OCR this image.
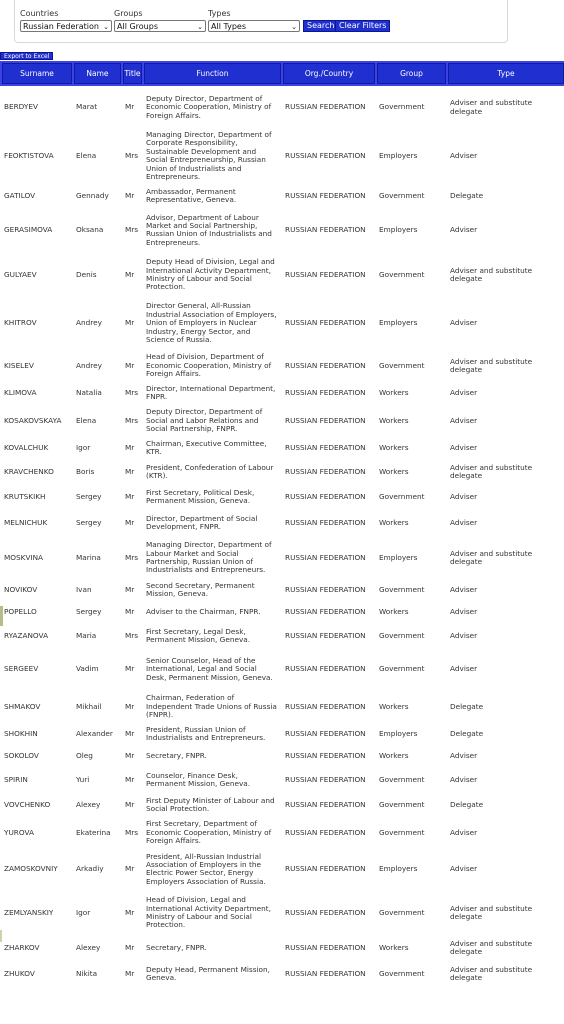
Countries	Groups	Types
Russian Federation ⌄	All Groups	⌄	All Types	⌄	Search Clear Filters
Export to Excel
Surname	Name	Title	Function	Org./Country	Group	Type
BERDYEV	Marat	Mr	Deputy Director, Department of Economic Cooperation, Ministry of Foreign Affairs.	RUSSIAN FEDERATION	Government	Adviser and substitute delegate
FEOKTISTOVA	Elena	Mrs	Managing Director, Department of Corporate Responsibility, Sustainable Development and Social Entrepreneurship, Russian Union of Industrialists and Entrepreneurs.	RUSSIAN FEDERATION	Employers	Adviser
GATILOV	Gennady	Mr	Ambassador, Permanent Representative, Geneva.	RUSSIAN FEDERATION	Government	Delegate
GERASIMOVA	Oksana	Mrs	Advisor, Department of Labour Market and Social Partnership, Russian Union of Industrialists and Entrepreneurs.	RUSSIAN FEDERATION	Employers	Adviser
GULYAEV	Denis	Mr	Deputy Head of Division, Legal and International Activity Department, Ministry of Labour and Social Protection.	RUSSIAN FEDERATION	Government	Adviser and substitute delegate
KHITROV	Andrey	Mr	Director General, All-Russian Industrial Association of Employers, Union of Employers in Nuclear Industry, Energy Sector, and Science of Russia.	RUSSIAN FEDERATION	Employers	Adviser
KISELEV	Andrey	Mr	Head of Division, Department of Economic Cooperation, Ministry of Foreign Affairs.	RUSSIAN FEDERATION	Government	Adviser and substitute delegate
KLIMOVA	Natalia	Mrs	Director, International Department, FNPR.	RUSSIAN FEDERATION	Workers	Adviser
KOSAKOVSKAYA	Elena	Mrs	Deputy Director, Department of Social and Labor Relations and Social Partnership, FNPR.	RUSSIAN FEDERATION	Workers	Adviser
KOVALCHUK	Igor	Mr	Chairman, Executive Committee, KTR.	RUSSIAN FEDERATION	Workers	Adviser
KRAVCHENKO	Boris	Mr	President, Confederation of Labour (KTR).	RUSSIAN FEDERATION	Workers	Adviser and substitute delegate
KRUTSKIKH	Sergey	Mr	First Secretary, Political Desk, Permanent Mission, Geneva.	RUSSIAN FEDERATION	Government	Adviser
MELNICHUK	Sergey	Mr	Director, Department of Social Development, FNPR.	RUSSIAN FEDERATION	Workers	Adviser
MOSKVINA	Marina	Mrs	Managing Director, Department of Labour Market and Social Partnership, Russian Union of Industrialists and Entrepreneurs.	RUSSIAN FEDERATION	Employers	Adviser and substitute delegate
NOVIKOV	Ivan	Mr	Second Secretary, Permanent Mission, Geneva.	RUSSIAN FEDERATION	Government	Adviser
POPELLO	Sergey	Mr	Adviser to the Chairman, FNPR.	RUSSIAN FEDERATION	Workers	Adviser
RYAZANOVA	Maria	Mrs	First Secretary, Legal Desk, Permanent Mission, Geneva.	RUSSIAN FEDERATION	Government	Adviser
SERGEEV	Vadim	Mr	Senior Counselor, Head of the International, Legal and Social Desk, Permanent Mission, Geneva.	RUSSIAN FEDERATION	Government	Adviser
SHMAKOV	Mikhail	Mr	Chairman, Federation of Independent Trade Unions of Russia (FNPR).	RUSSIAN FEDERATION	Workers	Delegate
SHOKHIN	Alexander	Mr	President, Russian Union of Industrialists and Entrepreneurs.	RUSSIAN FEDERATION	Employers	Delegate
SOKOLOV	Oleg	Mr	Secretary, FNPR.	RUSSIAN FEDERATION	Workers	Adviser
SPIRIN	Yuri	Mr	Counselor, Finance Desk, Permanent Mission, Geneva.	RUSSIAN FEDERATION	Government	Adviser
VOVCHENKO	Alexey	Mr	First Deputy Minister of Labour and Social Protection.	RUSSIAN FEDERATION	Government	Delegate
YUROVA	Ekaterina	Mrs	First Secretary, Department of Economic Cooperation, Ministry of Foreign Affairs.	RUSSIAN FEDERATION	Government	Adviser
ZAMOSKOVNIY	Arkadiy	Mr	President, All-Russian Industrial Association of Employers in the Electric Power Sector, Energy Employers Association of Russia.	RUSSIAN FEDERATION	Employers	Adviser
ZEMLYANSKIY	Igor	Mr	Head of Division, Legal and International Activity Department, Ministry of Labour and Social Protection.	RUSSIAN FEDERATION	Government	Adviser and substitute delegate
ZHARKOV	Alexey	Mr	Secretary, FNPR.	RUSSIAN FEDERATION	Workers	Adviser and substitute delegate
ZHUKOV	Nikita	Mr	Deputy Head, Permanent Mission, Geneva.	RUSSIAN FEDERATION	Government	Adviser and substitute delegate
